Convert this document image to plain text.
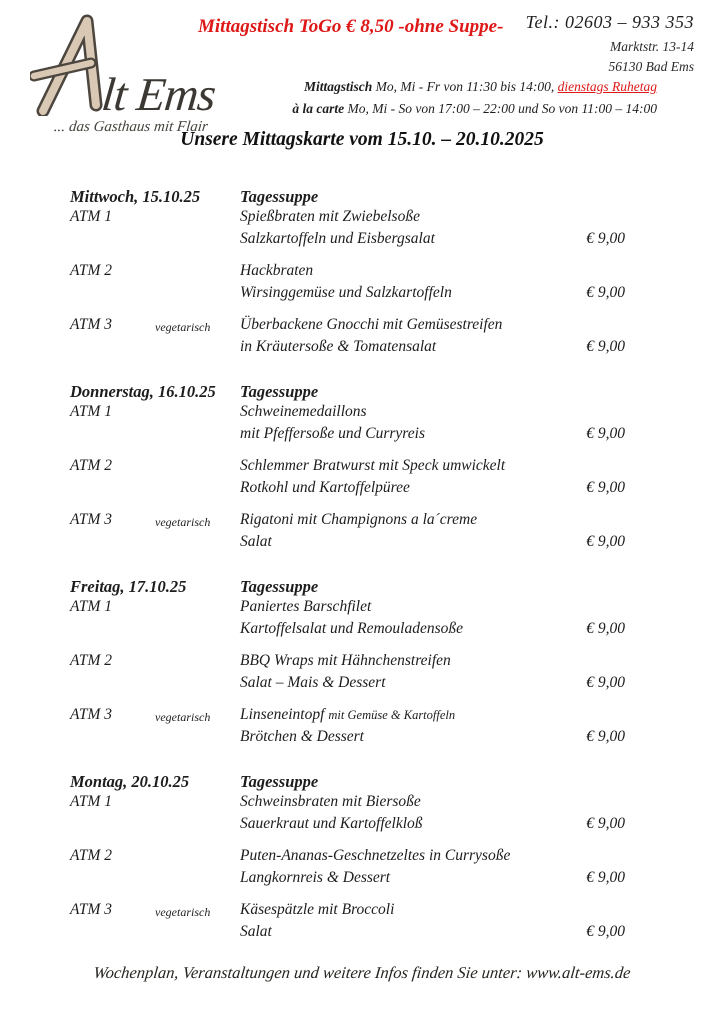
lt Ems
... das Gasthaus mit Flair
Mittagstisch ToGo € 8,50 -ohne Suppe-	Tel.: 02603 – 933 353
Marktstr. 13-14
56130 Bad Ems
Mittagstisch Mo, Mi - Fr von 11:30 bis 14:00, dienstags Ruhetag
à la carte Mo, Mi - So von 17:00 – 22:00 und So von 11:00 – 14:00
Unsere Mittagskarte vom 15.10. – 20.10.2025
Mittwoch, 15.10.25	Tagessuppe
ATM 1	Spießbraten mit Zwiebelsoße
Salzkartoffeln und Eisbergsalat	€ 9,00
ATM 2	Hackbraten
Wirsinggemüse und Salzkartoffeln	€ 9,00
ATM 3	vegetarisch	Überbackene Gnocchi mit Gemüsestreifen
in Kräutersoße & Tomatensalat	€ 9,00
Donnerstag, 16.10.25	Tagessuppe
ATM 1	Schweinemedaillons
mit Pfeffersoße und Curryreis	€ 9,00
ATM 2	Schlemmer Bratwurst mit Speck umwickelt
Rotkohl und Kartoffelpüree	€ 9,00
ATM 3	vegetarisch	Rigatoni mit Champignons a la´creme
Salat	€ 9,00
Freitag, 17.10.25	Tagessuppe
ATM 1	Paniertes Barschfilet
Kartoffelsalat und Remouladensoße	€ 9,00
ATM 2	BBQ Wraps mit Hähnchenstreifen
Salat – Mais & Dessert	€ 9,00
ATM 3	vegetarisch	Linseneintopf mit Gemüse & Kartoffeln
Brötchen & Dessert	€ 9,00
Montag, 20.10.25	Tagessuppe
ATM 1	Schweinsbraten mit Biersoße
Sauerkraut und Kartoffelkloß	€ 9,00
ATM 2	Puten-Ananas-Geschnetzeltes in Currysoße
Langkornreis & Dessert	€ 9,00
ATM 3	vegetarisch	Käsespätzle mit Broccoli
Salat	€ 9,00
Wochenplan, Veranstaltungen und weitere Infos finden Sie unter: www.alt-ems.de
